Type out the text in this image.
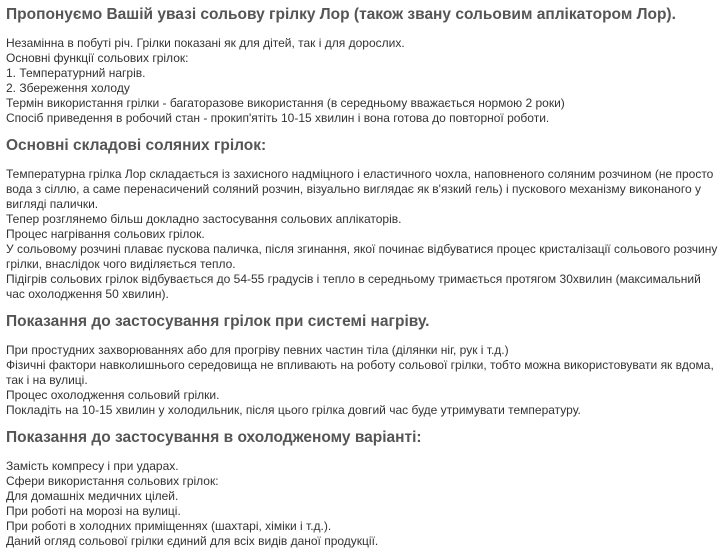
Пропонуємо Вашій увазі сольову грілку Лор (також звану сольовим аплікатором Лор).

Незамінна в побуті річ. Грілки показані як для дітей, так і для дорослих.

Основні функції сольових грілок:

1. Температурний нагрів.

2. Збереження холоду

Термін використання грілки - багаторазове використання (в середньому вважається нормою 2 роки)

Спосіб приведення в робочий стан - прокип'ятіть 10-15 хвилин і вона готова до повторної роботи.

Основні складові соляних грілок:

Температурна грілка Лор складається із захисного надміцного і еластичного чохла, наповненого соляним розчином (не просто вода з сіллю, а саме перенасичений соляний розчин, візуально виглядає як в'язкий гель) і пускового механізму виконаного у вигляді палички.

Тепер розглянемо більш докладно застосування сольових аплікаторів.

Процес нагрівання сольових грілок.

У сольовому розчині плаває пускова паличка, після згинання, якої починає відбуватися процес кристалізації сольового розчину грілки, внаслідок чого виділяється тепло.

Підігрів сольових грілок відбувається до 54-55 градусів і тепло в середньому тримається протягом 30хвилин (максимальний час охолодження 50 хвилин).

Показання до застосування грілок при системі нагріву.

При простудних захворюваннях або для прогріву певних частин тіла (ділянки ніг, рук і т.д.)

Фізичні фактори навколишнього середовища не впливають на роботу сольової грілки, тобто можна використовувати як вдома, так і на вулиці.

Процес охолодження сольовий грілки.

Покладіть на 10-15 хвилин у холодильник, після цього грілка довгий час буде утримувати температуру.

Показання до застосування в охолодженому варіанті:

Замість компресу і при ударах.

Сфери використання сольових грілок:

Для домашніх медичних цілей.

При роботі на морозі на вулиці.

При роботі в холодних приміщеннях (шахтарі, хіміки і т.д.).

Даний огляд сольової грілки єдиний для всіх видів даної продукції.
